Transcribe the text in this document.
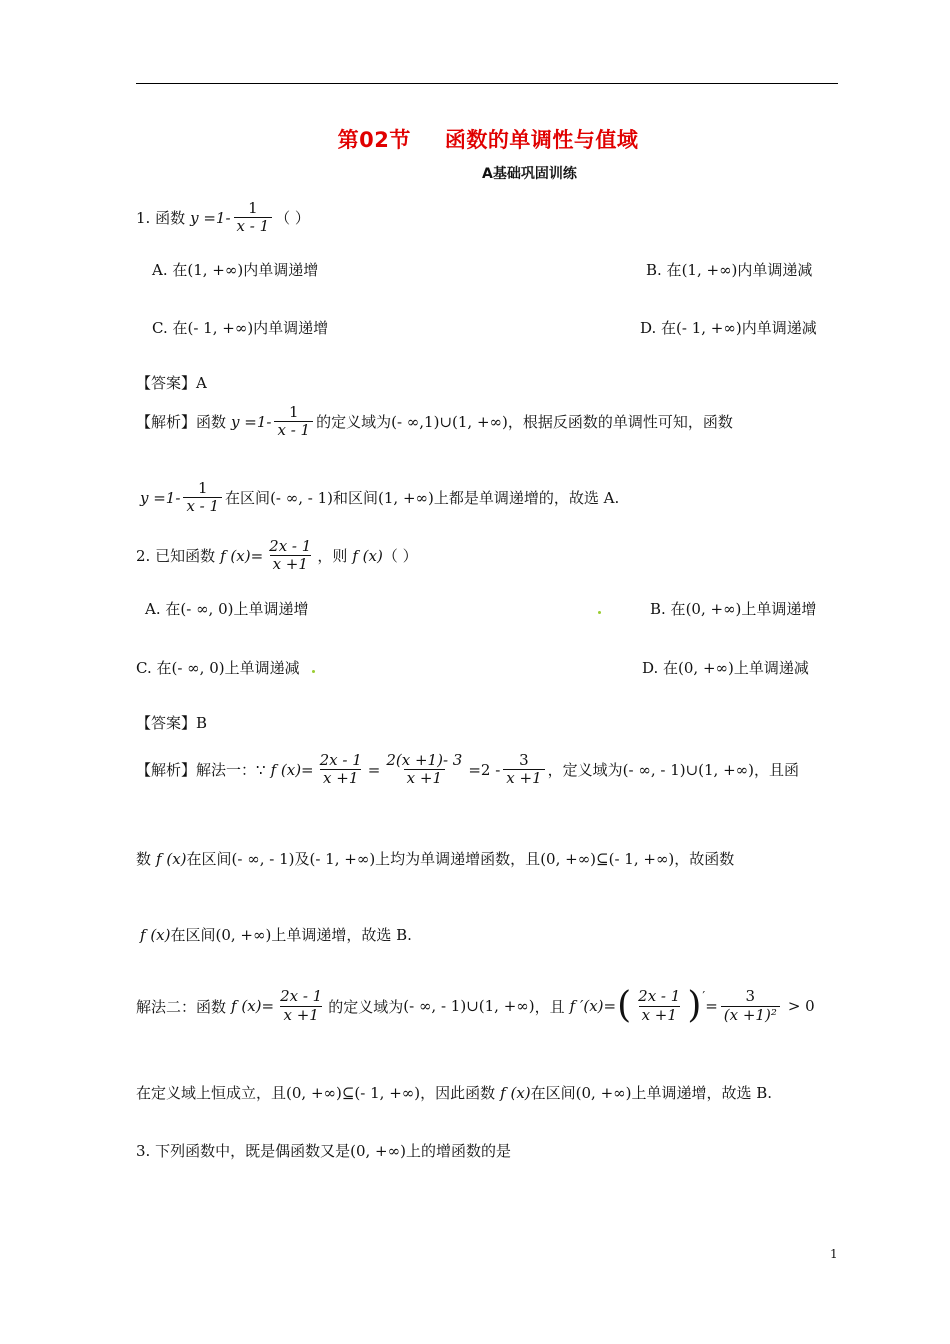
第02节 函数的单调性与值域
A基础巩固训练
1. 函数 $y =1- \frac{1}{x - 1}$ （ ）
A. 在 (1, +∞) 内单调递增	B. 在 (1, +∞) 内单调递减
C. 在 (- 1, +∞) 内单调递增	D. 在 (- 1, +∞) 内单调递减
【答案】A
【解析】 函数 $y =1- \frac{1}{x - 1}$ 的定义域为 (- ∞,1)∪(1, +∞) ，根据反函数的单调性可知，函数
$y =1- \frac{1}{x - 1}$ 在区间 (- ∞, - 1) 和区间 (1, +∞) 上都是单调递增的，故选 A.
2. 已知函数 f $(x) = \frac{2x - 1}{x +1}$ ，则 f (x) （ ）
A. 在 (- ∞, 0) 上单调递增	B. 在 (0, +∞) 上单调递增
C. 在 (- ∞, 0) 上单调递减	D. 在 (0, +∞) 上单调递减
【答案】B
【解析】解法一： ∵ f $(x) = \frac{2x - 1}{x +1} = \frac{2(x +1)- 3}{x +1} =2 - \frac{3}{x +1}$ ，定义域为 (- ∞, - 1)∪(1, +∞) ，且函
数 f (x) 在区间 (- ∞, - 1) 及 (- 1, +∞) 上均为单调递增函数，且 (0, +∞)⊆(- 1, +∞) ，故函数
f (x) 在区间 (0, +∞) 上单调递增，故选 B.
解法二：函数 f $(x) = \frac{2x - 1}{x +1}$ 的定义域为 (- ∞, - 1)∪(1, +∞) ，且 f ′(x) = ( $\frac{2x - 1}{x +1} )'$
= $\frac{3}{\text{(x +1)²}} > 0$
在定义域上恒成立，且 (0, +∞)⊆(- 1, +∞) ，因此函数 f (x) 在区间 (0, +∞) 上单调递增，故选 B.
3. 下列函数中，既是偶函数又是 (0, +∞) 上的增函数的是
1
